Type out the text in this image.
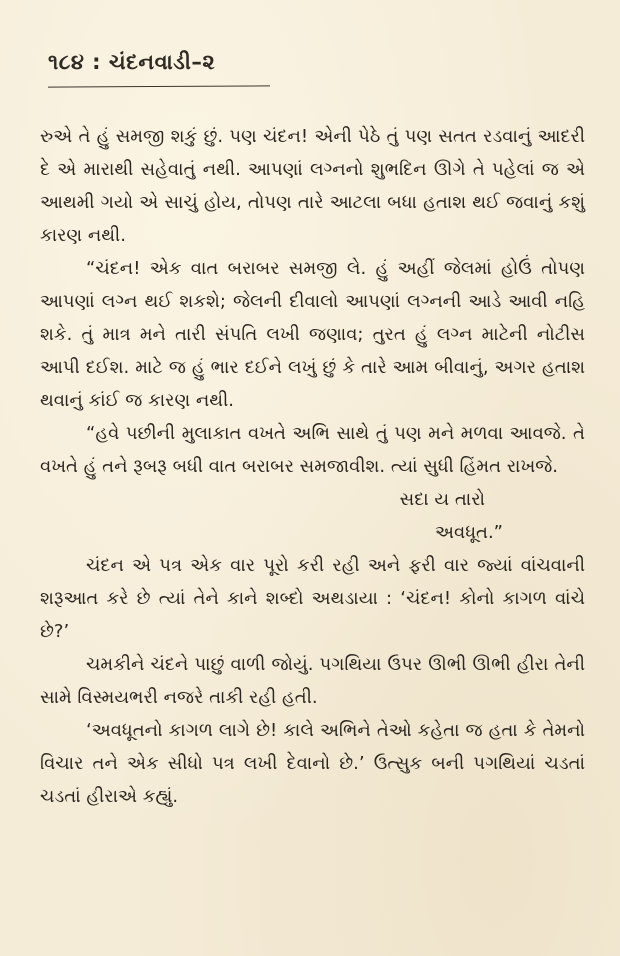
૧૮૪ : ચંદનવાડી–૨

રુએ તે હું સમજી શકું છું. પણ ચંદન! એની પેઠે તું પણ સતત રડવાનું આદરી દે એ મારાથી સહેવાતું નથી. આપણાં લગ્નનો શુભદિન ઊગે તે પહેલાં જ એ આથમી ગયો એ સાચું હોય, તોપણ તારે આટલા બધા હતાશ થઈ જવાનું કશું કારણ નથી.

“ચંદન! એક વાત બરાબર સમજી લે. હું અહીં જેલમાં હોઉં તોપણ આપણાં લગ્ન થઈ શકશે; જેલની દીવાલો આપણાં લગ્નની આડે આવી નહિ શકે. તું માત્ર મને તારી સંપતિ લખી જણાવ; તુરત હું લગ્ન માટેની નોટીસ આપી દઈશ. માટે જ હું ભાર દઈને લખું છું કે તારે આમ બીવાનું, અગર હતાશ થવાનું કાંઈ જ કારણ નથી.

“હવે પછીની મુલાકાત વખતે અભિ સાથે તું પણ મને મળવા આવજે. તે વખતે હું તને રૂબરૂ બધી વાત બરાબર સમજાવીશ. ત્યાં સુધી હિંમત રાખજે.

સદા ય તારો

અવધૂત.”

ચંદન એ પત્ર એક વાર પૂરો કરી રહી અને ફરી વાર જ્યાં વાંચવાની શરૂઆત કરે છે ત્યાં તેને કાને શબ્દો અથડાયા : ‘ચંદન! કોનો કાગળ વાંચે છે?’

ચમકીને ચંદને પાછું વાળી જોયું. પગથિયા ઉપર ઊભી ઊભી હીરા તેની સામે વિસ્મયભરી નજરે તાકી રહી હતી.

‘અવધૂતનો કાગળ લાગે છે! કાલે અભિને તેઓ કહેતા જ હતા કે તેમનો વિચાર તને એક સીધો પત્ર લખી દેવાનો છે.’ ઉત્સુક બની પગથિયાં ચડતાં ચડતાં હીરાએ કહ્યું.
